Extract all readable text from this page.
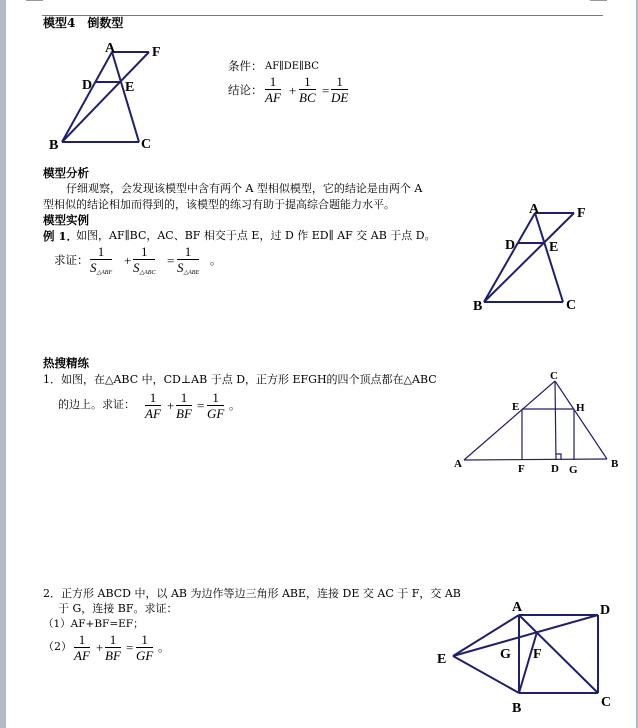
模型4　倒数型
A	F
D E
B	C
条件： AF∥DE∥BC
结论：
1
AF +
1
BC =
1
DE
模型分析
仔细观察，会发现该模型中含有两个 A 型相似模型，它的结论是由两个 A
型相似的结论相加而得到的，该模型的练习有助于提高综合题能力水平。
模型实例
例 1．
如图，AF∥BC，AC、BF 相交于点 E，过 D 作 ED∥ AF 交 AB 于点 D。
求证：
1
$S_{\triangle ABF}$
+
1
$S_{\triangle ABC}$
=
1
$S_{\triangle ABE}$
。
A	F
D E
B	C
热搜精练
1．如图，在△ABC 中，CD⊥AB 于点 D，正方形 EFGH的四个顶点都在△ABC
的边上。求证： 1
AF
+
1
BF
=
1
GF
。
C
E	H
A	F D G	B
2．正方形 ABCD 中，以 AB 为边作等边三角形 ABE，连接 DE 交 AC 于 F，交 AB
于 G，连接 BF。求证：
（1）AF+BF=EF；
（2） 1
AF
+
1
BF
=
1
GF
。
A	D
E	G F
B	C
